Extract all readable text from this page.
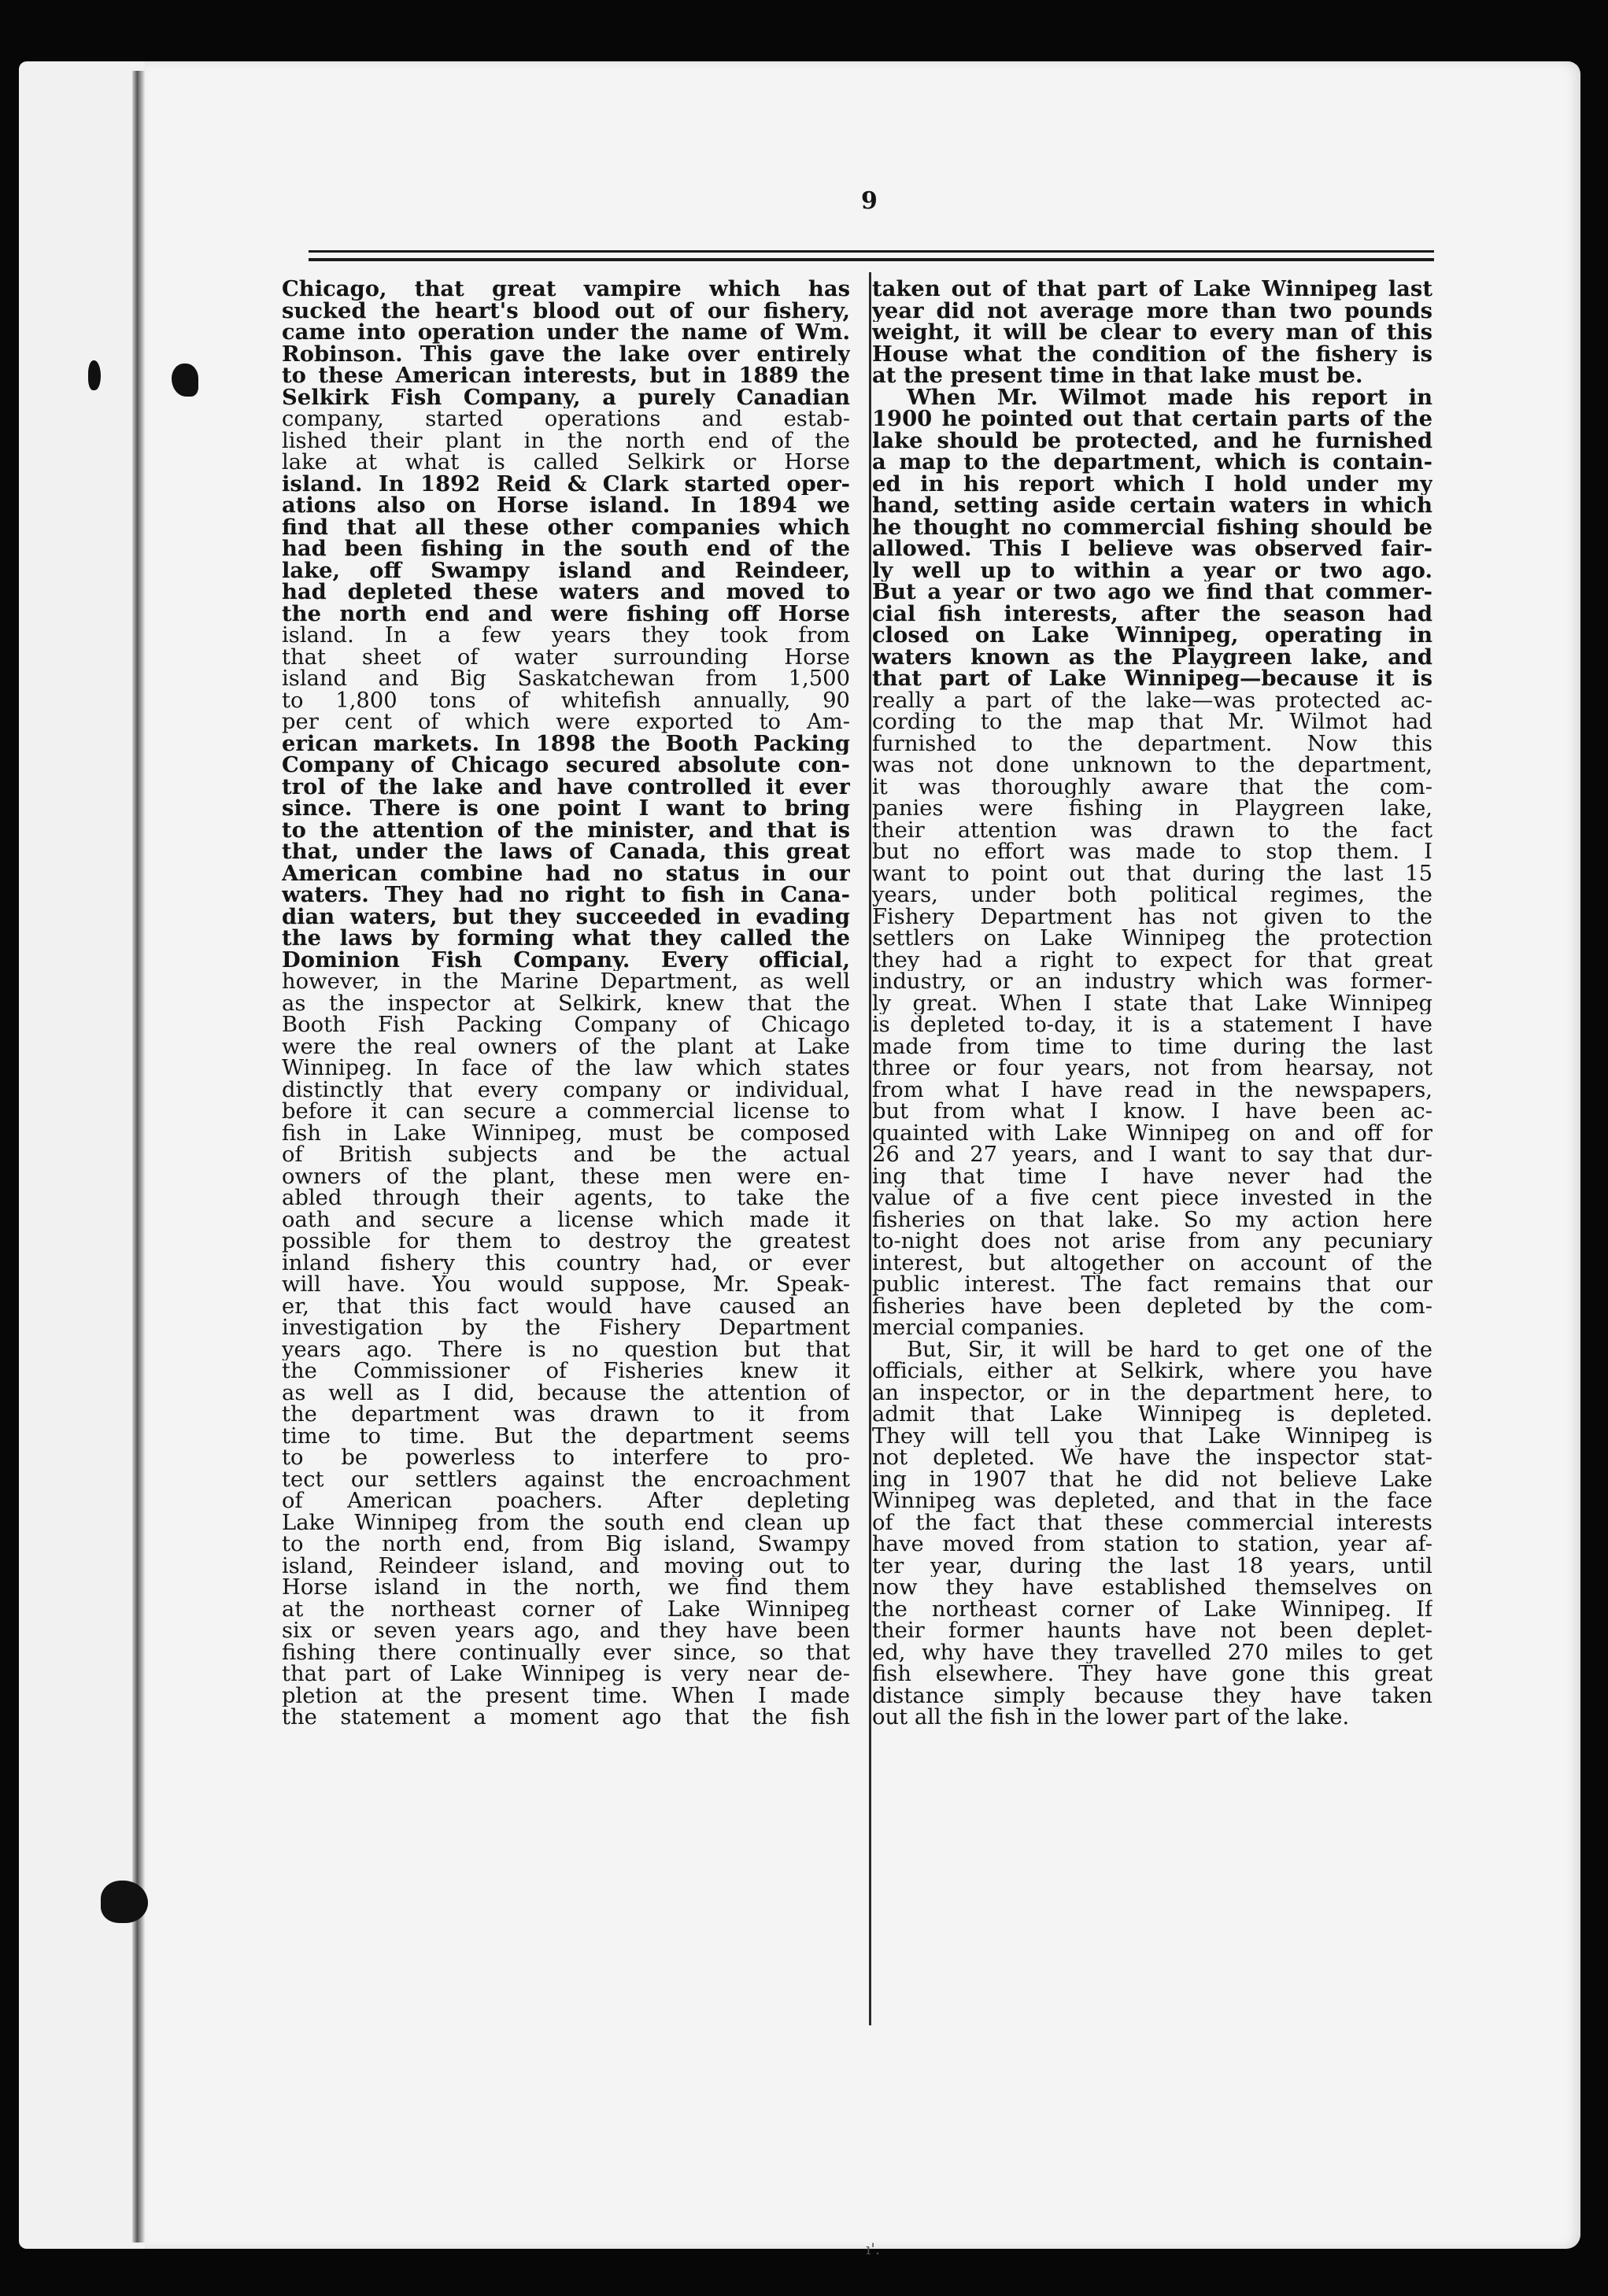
9
Chicago, that great vampire which has
sucked the heart's blood out of our fishery,
came into operation under the name of Wm.
Robinson. This gave the lake over entirely
to these American interests, but in 1889 the
Selkirk Fish Company, a purely Canadian
company, started operations and estab-
lished their plant in the north end of the
lake at what is called Selkirk or Horse
island. In 1892 Reid & Clark started oper-
ations also on Horse island. In 1894 we
find that all these other companies which
had been fishing in the south end of the
lake, off Swampy island and Reindeer,
had depleted these waters and moved to
the north end and were fishing off Horse
island. In a few years they took from
that sheet of water surrounding Horse
island and Big Saskatchewan from 1,500
to 1,800 tons of whitefish annually, 90
per cent of which were exported to Am-
erican markets. In 1898 the Booth Packing
Company of Chicago secured absolute con-
trol of the lake and have controlled it ever
since. There is one point I want to bring
to the attention of the minister, and that is
that, under the laws of Canada, this great
American combine had no status in our
waters. They had no right to fish in Cana-
dian waters, but they succeeded in evading
the laws by forming what they called the
Dominion Fish Company. Every official,
however, in the Marine Department, as well
as the inspector at Selkirk, knew that the
Booth Fish Packing Company of Chicago
were the real owners of the plant at Lake
Winnipeg. In face of the law which states
distinctly that every company or individual,
before it can secure a commercial license to
fish in Lake Winnipeg, must be composed
of British subjects and be the actual
owners of the plant, these men were en-
abled through their agents, to take the
oath and secure a license which made it
possible for them to destroy the greatest
inland fishery this country had, or ever
will have. You would suppose, Mr. Speak-
er, that this fact would have caused an
investigation by the Fishery Department
years ago. There is no question but that
the Commissioner of Fisheries knew it
as well as I did, because the attention of
the department was drawn to it from
time to time. But the department seems
to be powerless to interfere to pro-
tect our settlers against the encroachment
of American poachers. After depleting
Lake Winnipeg from the south end clean up
to the north end, from Big island, Swampy
island, Reindeer island, and moving out to
Horse island in the north, we find them
at the northeast corner of Lake Winnipeg
six or seven years ago, and they have been
fishing there continually ever since, so that
that part of Lake Winnipeg is very near de-
pletion at the present time. When I made
the statement a moment ago that the fish
taken out of that part of Lake Winnipeg last
year did not average more than two pounds
weight, it will be clear to every man of this
House what the condition of the fishery is
at the present time in that lake must be.
When Mr. Wilmot made his report in
1900 he pointed out that certain parts of the
lake should be protected, and he furnished
a map to the department, which is contain-
ed in his report which I hold under my
hand, setting aside certain waters in which
he thought no commercial fishing should be
allowed. This I believe was observed fair-
ly well up to within a year or two ago.
But a year or two ago we find that commer-
cial fish interests, after the season had
closed on Lake Winnipeg, operating in
waters known as the Playgreen lake, and
that part of Lake Winnipeg—because it is
really a part of the lake—was protected ac-
cording to the map that Mr. Wilmot had
furnished to the department. Now this
was not done unknown to the department,
it was thoroughly aware that the com-
panies were fishing in Playgreen lake,
their attention was drawn to the fact
but no effort was made to stop them. I
want to point out that during the last 15
years, under both political regimes, the
Fishery Department has not given to the
settlers on Lake Winnipeg the protection
they had a right to expect for that great
industry, or an industry which was former-
ly great. When I state that Lake Winnipeg
is depleted to-day, it is a statement I have
made from time to time during the last
three or four years, not from hearsay, not
from what I have read in the newspapers,
but from what I know. I have been ac-
quainted with Lake Winnipeg on and off for
26 and 27 years, and I want to say that dur-
ing that time I have never had the
value of a five cent piece invested in the
fisheries on that lake. So my action here
to-night does not arise from any pecuniary
interest, but altogether on account of the
public interest. The fact remains that our
fisheries have been depleted by the com-
mercial companies.
But, Sir, it will be hard to get one of the
officials, either at Selkirk, where you have
an inspector, or in the department here, to
admit that Lake Winnipeg is depleted.
They will tell you that Lake Winnipeg is
not depleted. We have the inspector stat-
ing in 1907 that he did not believe Lake
Winnipeg was depleted, and that in the face
of the fact that these commercial interests
have moved from station to station, year af-
ter year, during the last 18 years, until
now they have established themselves on
the northeast corner of Lake Winnipeg. If
their former haunts have not been deplet-
ed, why have they travelled 270 miles to get
fish elsewhere. They have gone this great
distance simply because they have taken
out all the fish in the lower part of the lake.
ı'.
